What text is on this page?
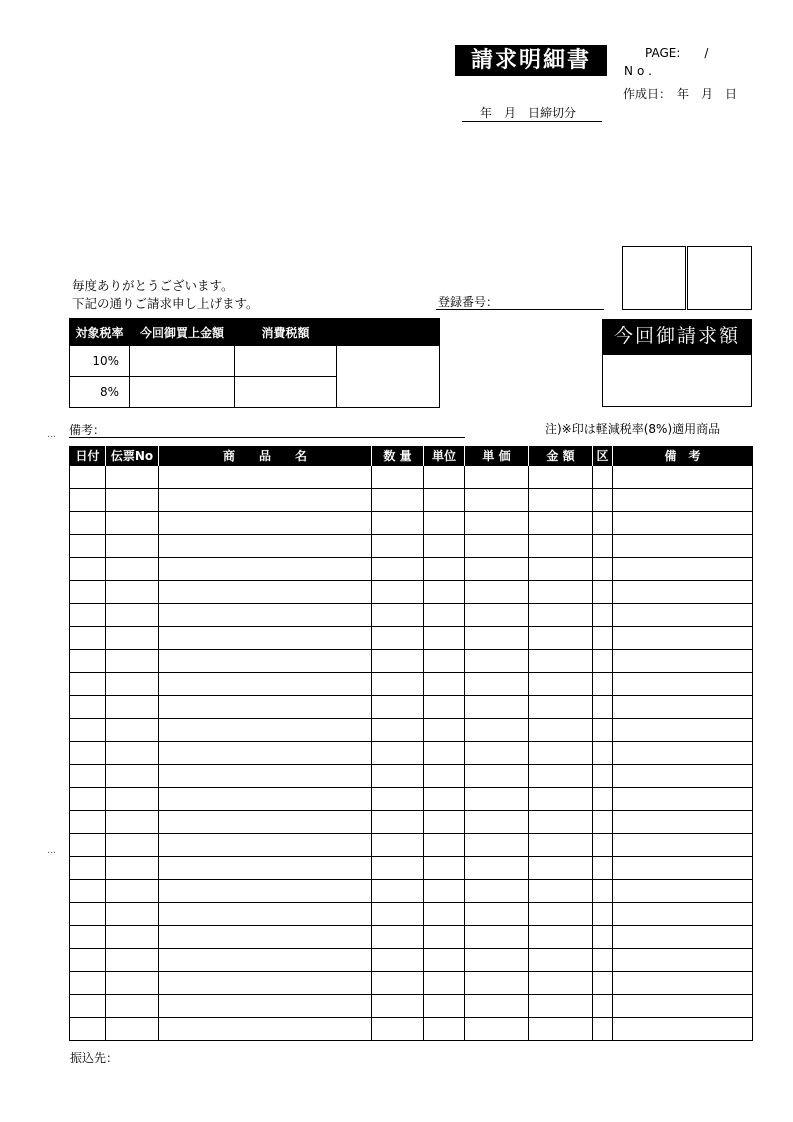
請求明細書	PAGE:　　/
No.
作成日：　年　月　日
年　月　日締切分
毎度ありがとうございます。
下記の通りご請求申し上げます。	登録番号：
対象税率	今回御買上金額	消費税額	
10%			
8%			
今回御請求額
… 備考：	注)※印は軽減税率(8%)適用商品
日付	伝票No	商　　品　　名	数 量	単位	単 価	金 額	区	備　考

…
振込先：
